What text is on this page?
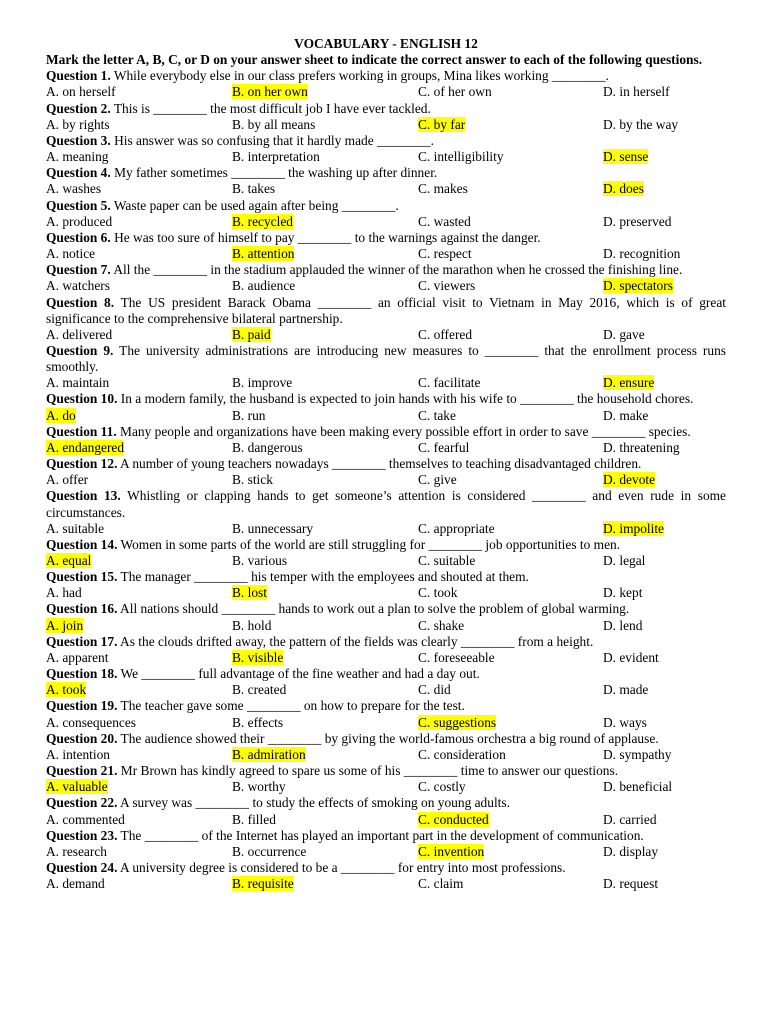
VOCABULARY - ENGLISH 12
Mark the letter A, B, C, or D on your answer sheet to indicate the correct answer to each of the following questions.
Question 1. While everybody else in our class prefers working in groups, Mina likes working ________.
A. on herself	B. on her own	C. of her own	D. in herself
Question 2. This is ________ the most difficult job I have ever tackled.
A. by rights	B. by all means	C. by far	D. by the way
Question 3. His answer was so confusing that it hardly made ________.
A. meaning	B. interpretation	C. intelligibility	D. sense
Question 4. My father sometimes ________ the washing up after dinner.
A. washes	B. takes	C. makes	D. does
Question 5. Waste paper can be used again after being ________.
A. produced	B. recycled	C. wasted	D. preserved
Question 6. He was too sure of himself to pay ________ to the warnings against the danger.
A. notice	B. attention	C. respect	D. recognition
Question 7. All the ________ in the stadium applauded the winner of the marathon when he crossed the finishing line.
A. watchers	B. audience	C. viewers	D. spectators
Question 8. The US president Barack Obama ________ an official visit to Vietnam in May 2016, which is of great significance to the comprehensive bilateral partnership.
A. delivered	B. paid	C. offered	D. gave
Question 9. The university administrations are introducing new measures to ________ that the enrollment process runs smoothly.
A. maintain	B. improve	C. facilitate	D. ensure
Question 10. In a modern family, the husband is expected to join hands with his wife to ________ the household chores.
A. do	B. run	C. take	D. make
Question 11. Many people and organizations have been making every possible effort in order to save ________ species.
A. endangered	B. dangerous	C. fearful	D. threatening
Question 12. A number of young teachers nowadays ________ themselves to teaching disadvantaged children.
A. offer	B. stick	C. give	D. devote
Question 13. Whistling or clapping hands to get someone’s attention is considered ________ and even rude in some circumstances.
A. suitable	B. unnecessary	C. appropriate	D. impolite
Question 14. Women in some parts of the world are still struggling for ________ job opportunities to men.
A. equal	B. various	C. suitable	D. legal
Question 15. The manager ________ his temper with the employees and shouted at them.
A. had	B. lost	C. took	D. kept
Question 16. All nations should ________ hands to work out a plan to solve the problem of global warming.
A. join	B. hold	C. shake	D. lend
Question 17. As the clouds drifted away, the pattern of the fields was clearly ________ from a height.
A. apparent	B. visible	C. foreseeable	D. evident
Question 18. We ________ full advantage of the fine weather and had a day out.
A. took	B. created	C. did	D. made
Question 19. The teacher gave some ________ on how to prepare for the test.
A. consequences	B. effects	C. suggestions	D. ways
Question 20. The audience showed their ________ by giving the world-famous orchestra a big round of applause.
A. intention	B. admiration	C. consideration	D. sympathy
Question 21. Mr Brown has kindly agreed to spare us some of his ________ time to answer our questions.
A. valuable	B. worthy	C. costly	D. beneficial
Question 22. A survey was ________ to study the effects of smoking on young adults.
A. commented	B. filled	C. conducted	D. carried
Question 23. The ________ of the Internet has played an important part in the development of communication.
A. research	B. occurrence	C. invention	D. display
Question 24. A university degree is considered to be a ________ for entry into most professions.
A. demand	B. requisite	C. claim	D. request
